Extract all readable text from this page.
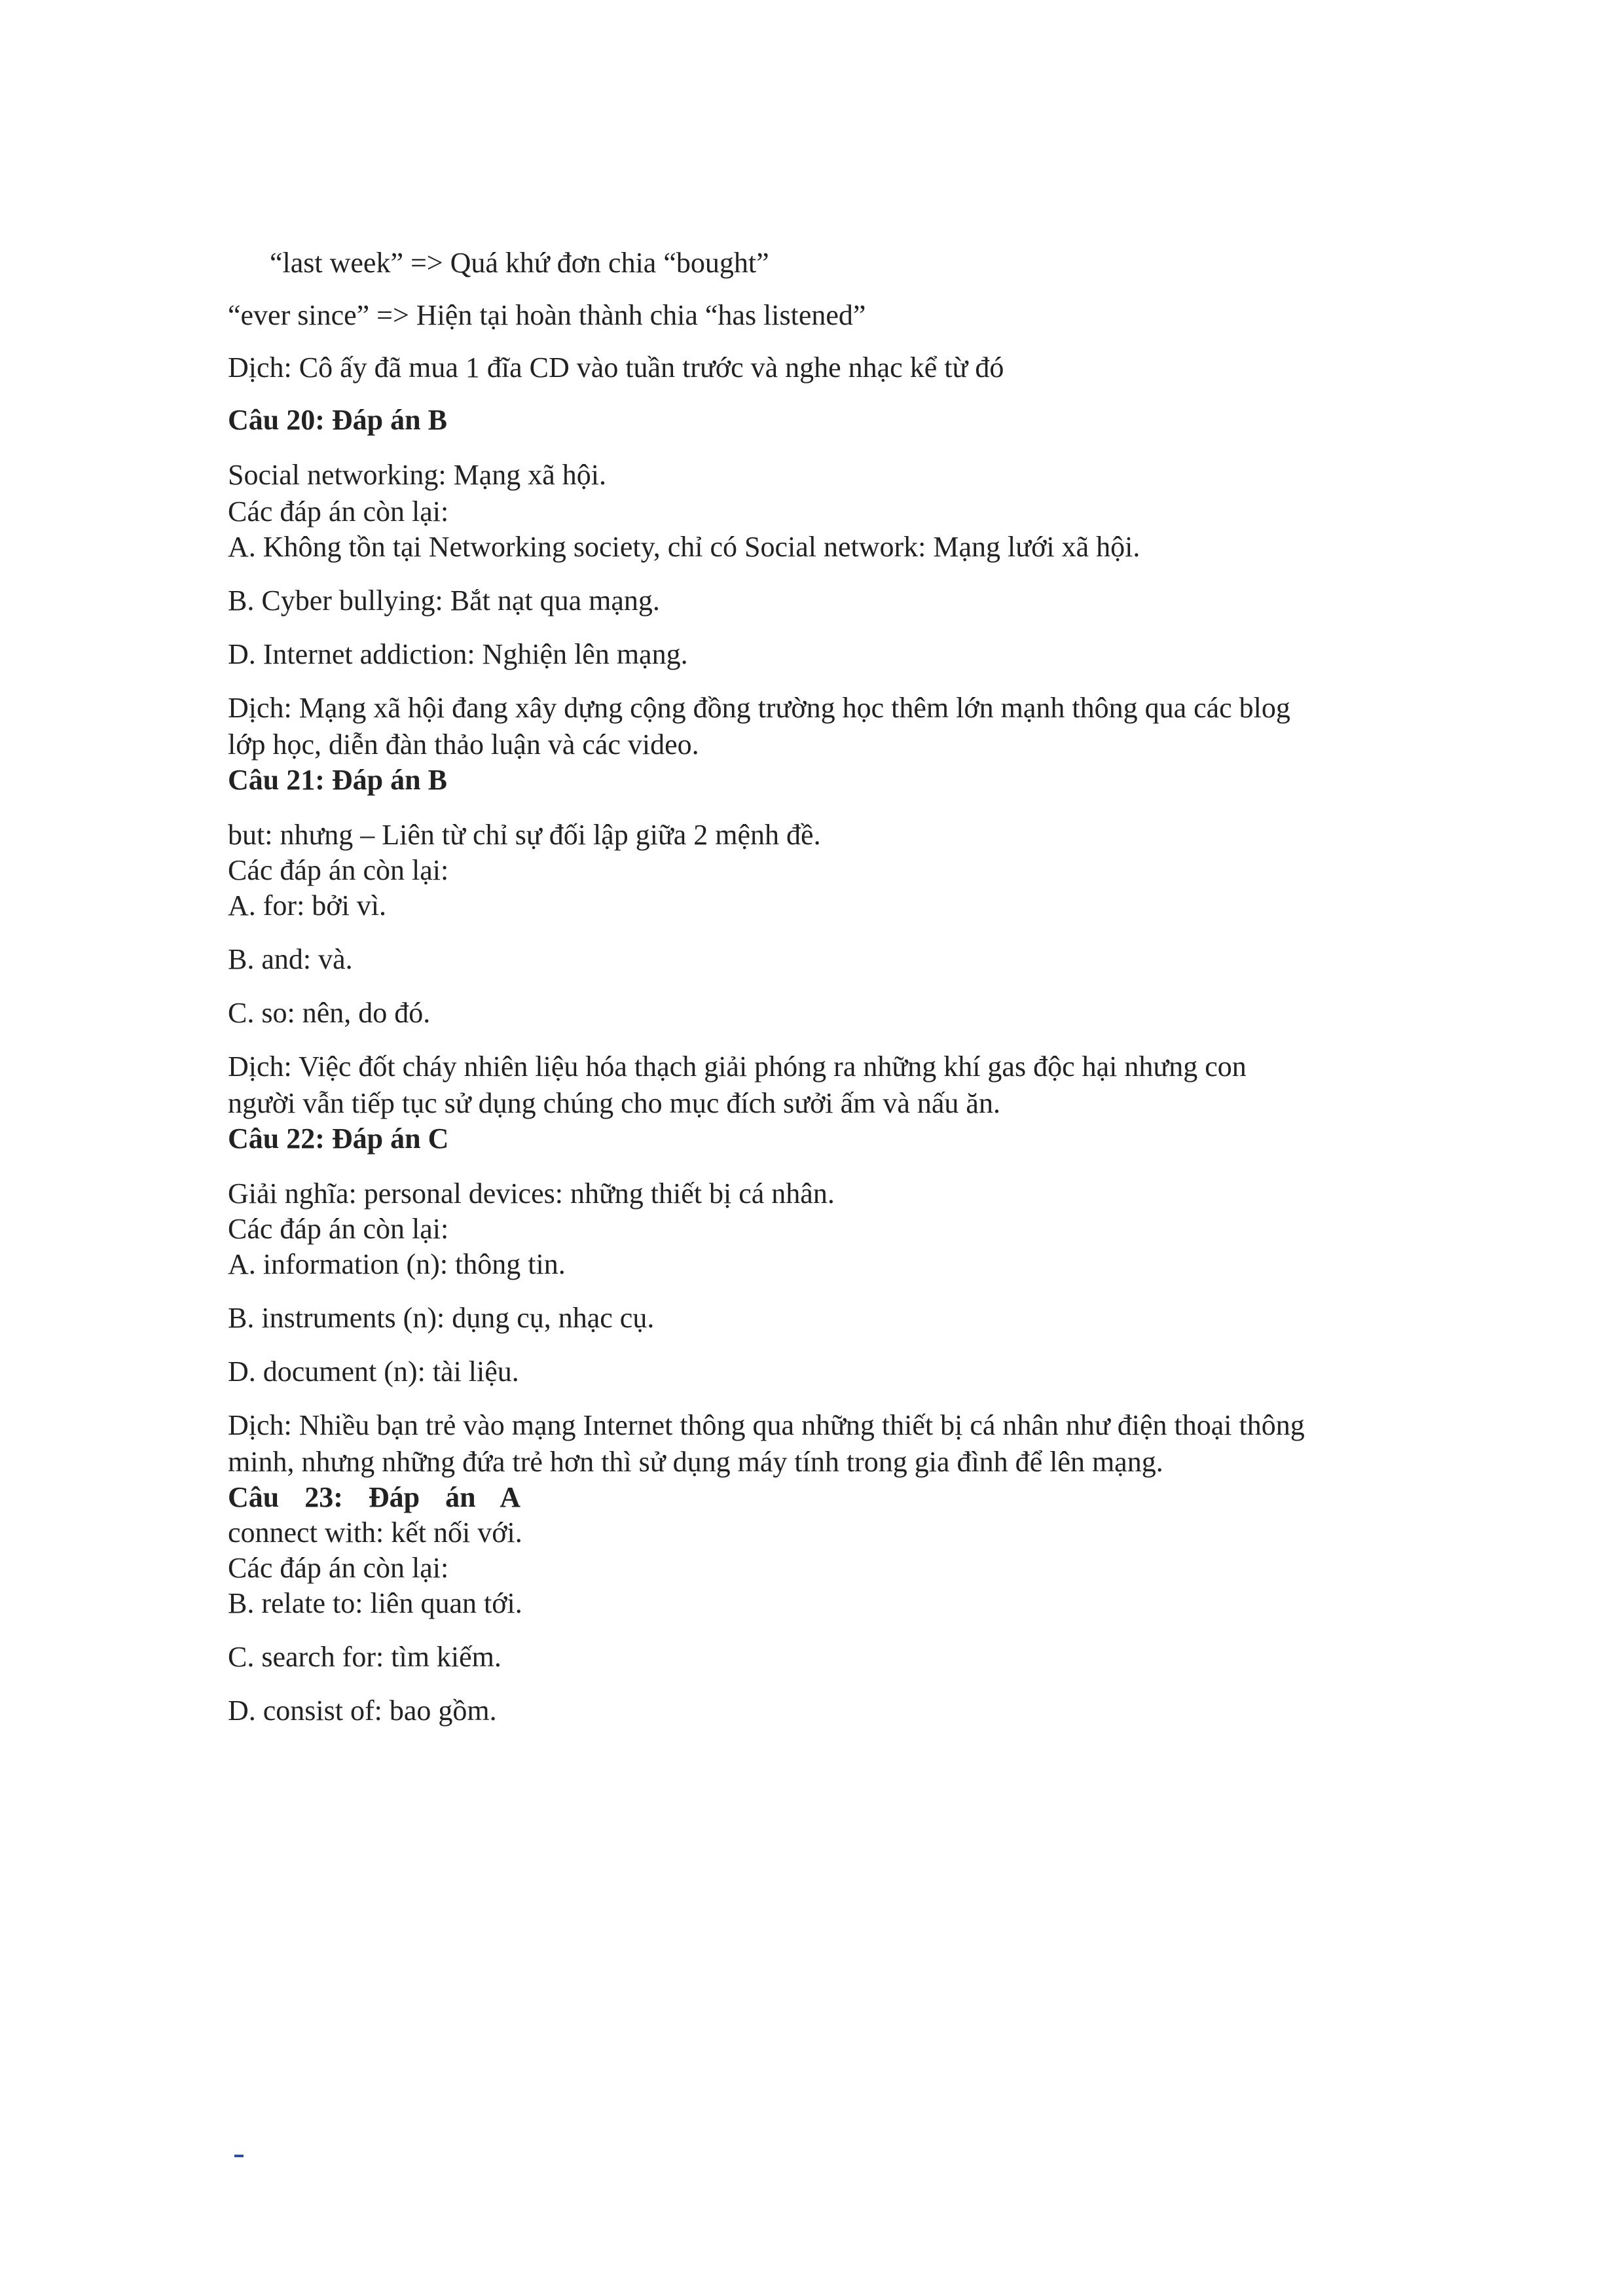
“last week” => Quá khứ đơn chia “bought”
“ever since” => Hiện tại hoàn thành chia “has listened”
Dịch: Cô ấy đã mua 1 đĩa CD vào tuần trước và nghe nhạc kể từ đó
Câu 20: Đáp án B
Social networking: Mạng xã hội.
Các đáp án còn lại:
A. Không tồn tại Networking society, chỉ có Social network: Mạng lưới xã hội.
B. Cyber bullying: Bắt nạt qua mạng.
D. Internet addiction: Nghiện lên mạng.
Dịch: Mạng xã hội đang xây dựng cộng đồng trường học thêm lớn mạnh thông qua các blog
lớp học, diễn đàn thảo luận và các video.
Câu 21: Đáp án B
but: nhưng – Liên từ chỉ sự đối lập giữa 2 mệnh đề.
Các đáp án còn lại:
A. for: bởi vì.
B. and: và.
C. so: nên, do đó.
Dịch: Việc đốt cháy nhiên liệu hóa thạch giải phóng ra những khí gas độc hại nhưng con
người vẫn tiếp tục sử dụng chúng cho mục đích sưởi ấm và nấu ăn.
Câu 22: Đáp án C
Giải nghĩa: personal devices: những thiết bị cá nhân.
Các đáp án còn lại:
A. information (n): thông tin.
B. instruments (n): dụng cụ, nhạc cụ.
D. document (n): tài liệu.
Dịch: Nhiều bạn trẻ vào mạng Internet thông qua những thiết bị cá nhân như điện thoại thông
minh, nhưng những đứa trẻ hơn thì sử dụng máy tính trong gia đình để lên mạng.
Câu 23: Đáp án A
connect with: kết nối với.
Các đáp án còn lại:
B. relate to: liên quan tới.
C. search for: tìm kiếm.
D. consist of: bao gồm.
